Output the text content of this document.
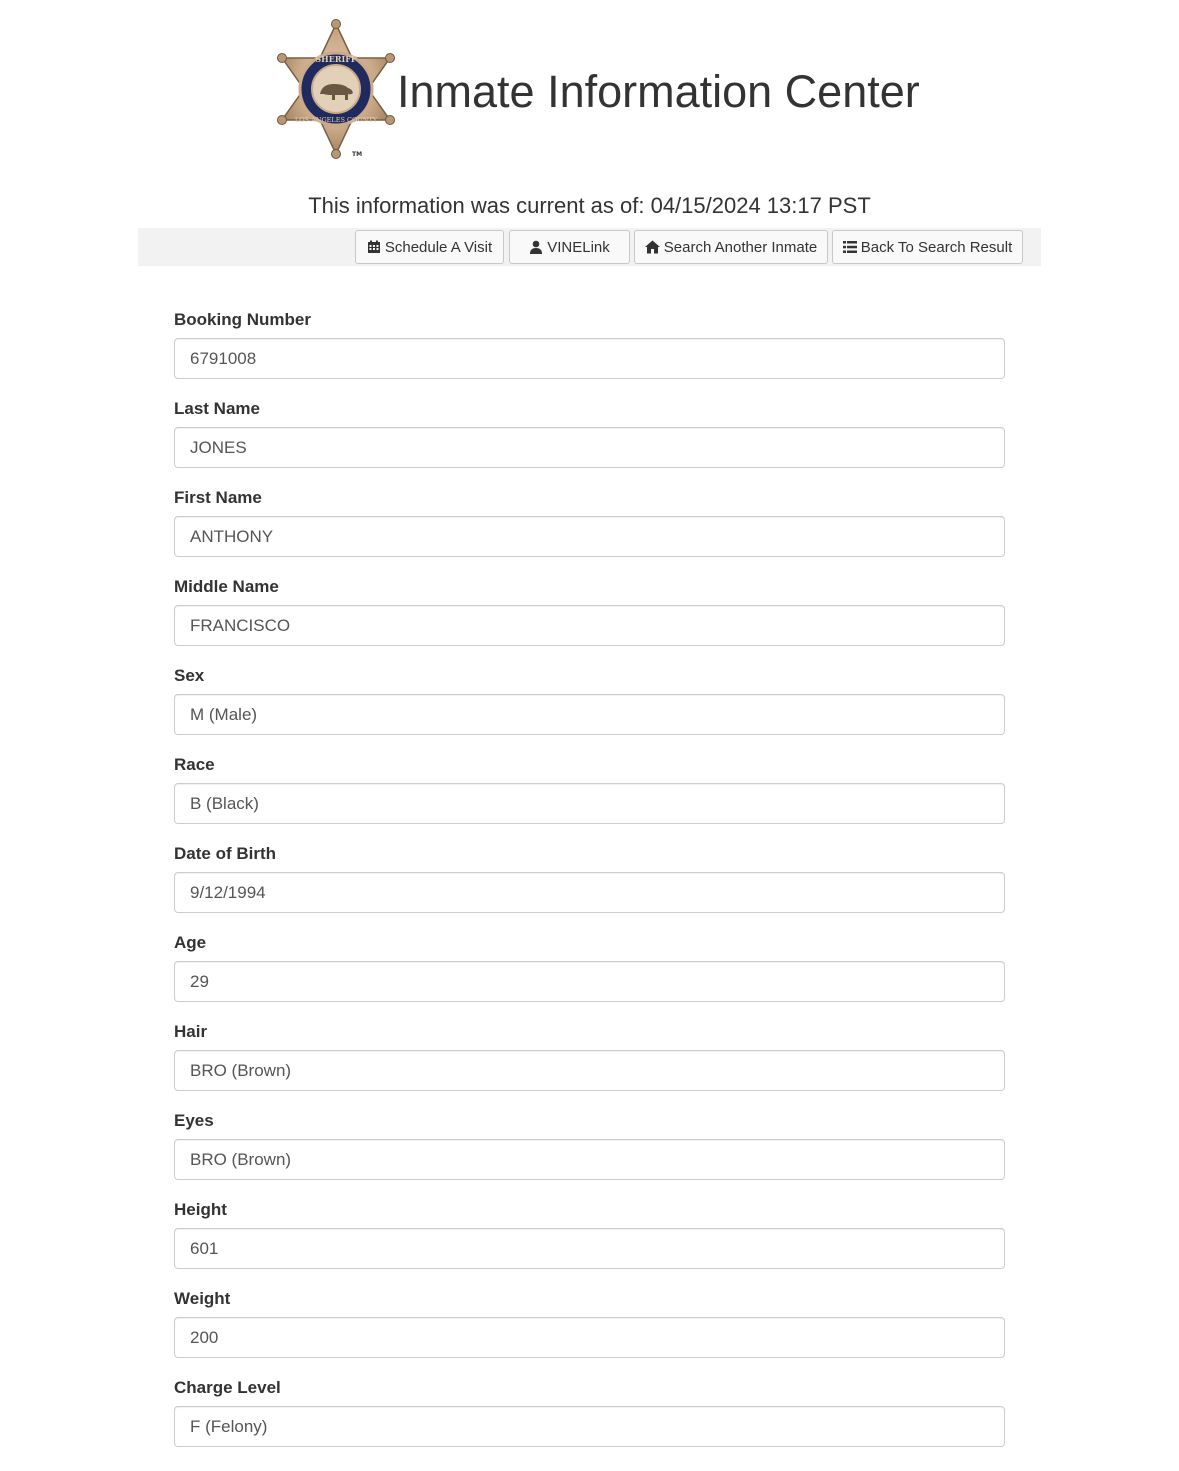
SHERIFF
LOS ANGELES COUNTY
TM
Inmate Information Center
This information was current as of: 04/15/2024 13:17 PST
Schedule A Visit	VINELink	Search Another Inmate	Back To Search Result
Booking Number
6791008
Last Name
JONES
First Name
ANTHONY
Middle Name
FRANCISCO
Sex
M (Male)
Race
B (Black)
Date of Birth
9/12/1994
Age
29
Hair
BRO (Brown)
Eyes
BRO (Brown)
Height
601
Weight
200
Charge Level
F (Felony)
